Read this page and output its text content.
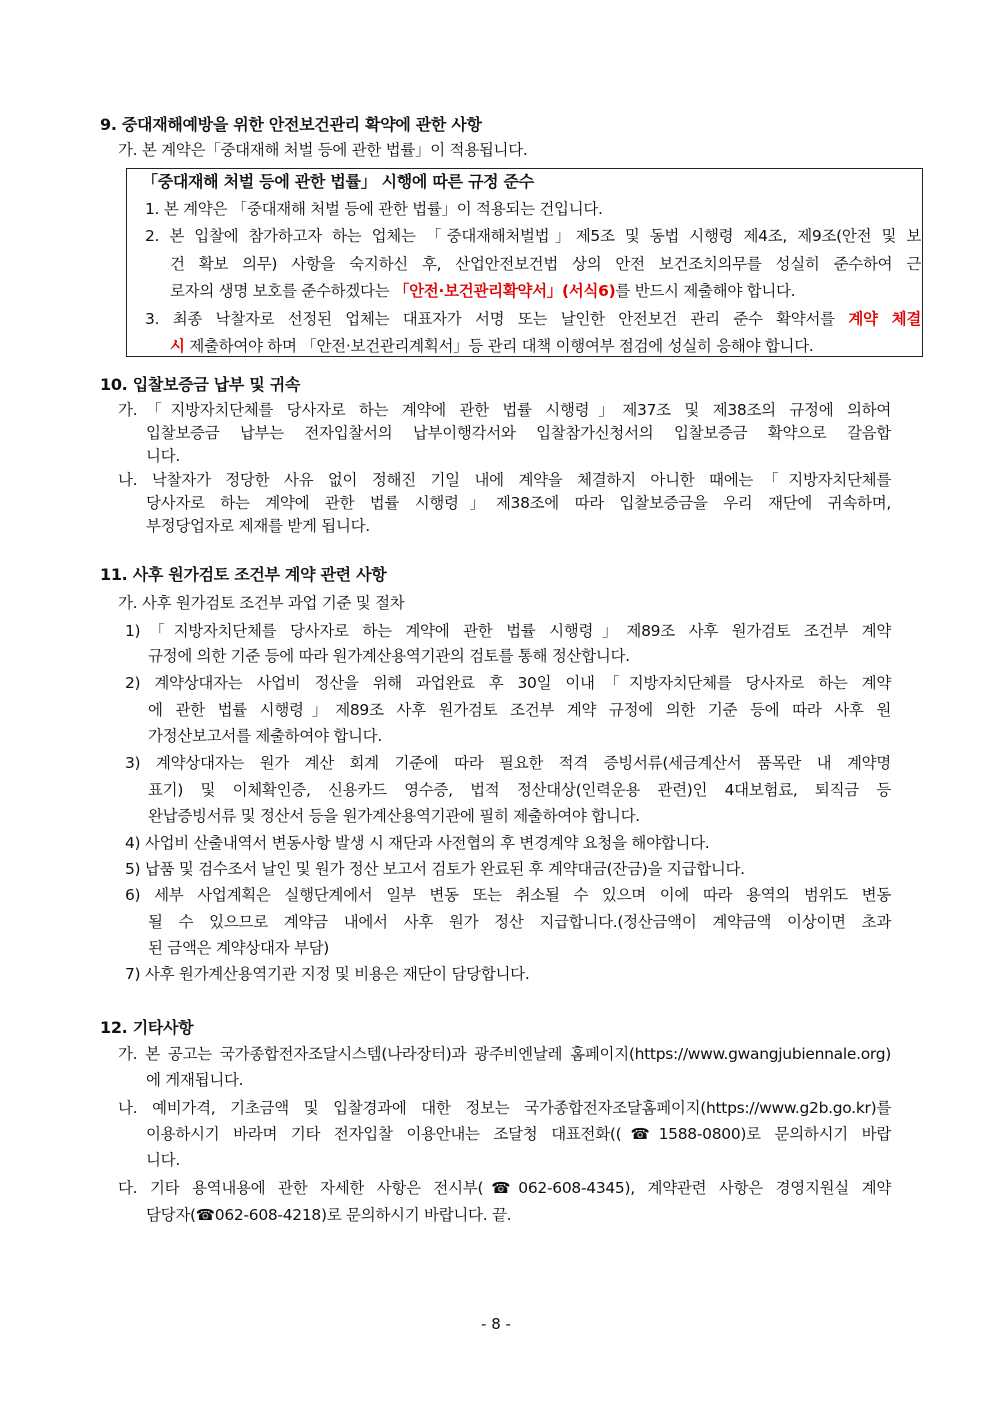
9. 중대재해예방을 위한 안전보건관리 확약에 관한 사항
가. 본 계약은「중대재해 처벌 등에 관한 법률」이 적용됩니다.
「중대재해 처벌 등에 관한 법률」 시행에 따른 규정 준수
1. 본 계약은 「중대재해 처벌 등에 관한 법률」이 적용되는 건입니다.
2. 본 입찰에 참가하고자 하는 업체는 「중대재해처벌법」제5조 및 동법 시행령 제4조, 제9조(안전 및 보
건 확보 의무) 사항을 숙지하신 후, 산업안전보건법 상의 안전 보건조치의무를 성실히 준수하여 근
로자의 생명 보호를 준수하겠다는 「안전·보건관리확약서」(서식6)를 반드시 제출해야 합니다.
3. 최종 낙찰자로 선정된 업체는 대표자가 서명 또는 날인한 안전보건 관리 준수 확약서를 계약 체결
시 제출하여야 하며 「안전·보건관리계획서」등 관리 대책 이행여부 점검에 성실히 응해야 합니다.
10. 입찰보증금 납부 및 귀속
가.「지방자치단체를 당사자로 하는 계약에 관한 법률 시행령」제37조 및 제38조의 규정에 의하여
입찰보증금 납부는 전자입찰서의 납부이행각서와 입찰참가신청서의 입찰보증금 확약으로 갈음합
니다.
나. 낙찰자가 정당한 사유 없이 정해진 기일 내에 계약을 체결하지 아니한 때에는「지방자치단체를
당사자로 하는 계약에 관한 법률 시행령」제38조에 따라 입찰보증금을 우리 재단에 귀속하며,
부정당업자로 제재를 받게 됩니다.
11. 사후 원가검토 조건부 계약 관련 사항
가. 사후 원가검토 조건부 과업 기준 및 절차
1)「지방자치단체를 당사자로 하는 계약에 관한 법률 시행령」제89조 사후 원가검토 조건부 계약
규정에 의한 기준 등에 따라 원가계산용역기관의 검토를 통해 정산합니다.
2) 계약상대자는 사업비 정산을 위해 과업완료 후 30일 이내「지방자치단체를 당사자로 하는 계약
에 관한 법률 시행령」제89조 사후 원가검토 조건부 계약 규정에 의한 기준 등에 따라 사후 원
가정산보고서를 제출하여야 합니다.
3) 계약상대자는 원가 계산 회계 기준에 따라 필요한 적격 증빙서류(세금계산서 품목란 내 계약명
표기) 및 이체확인증, 신용카드 영수증, 법적 정산대상(인력운용 관련)인 4대보험료, 퇴직금 등
완납증빙서류 및 정산서 등을 원가계산용역기관에 필히 제출하여야 합니다.
4) 사업비 산출내역서 변동사항 발생 시 재단과 사전협의 후 변경계약 요청을 해야합니다.
5) 납품 및 검수조서 날인 및 원가 정산 보고서 검토가 완료된 후 계약대금(잔금)을 지급합니다.
6) 세부 사업계획은 실행단계에서 일부 변동 또는 취소될 수 있으며 이에 따라 용역의 범위도 변동
될 수 있으므로 계약금 내에서 사후 원가 정산 지급합니다.(정산금액이 계약금액 이상이면 초과
된 금액은 계약상대자 부담)
7) 사후 원가계산용역기관 지정 및 비용은 재단이 담당합니다.
12. 기타사항
가. 본 공고는 국가종합전자조달시스템(나라장터)과 광주비엔날레 홈페이지(https://www.gwangjubiennale.org)
에 게재됩니다.
나. 예비가격, 기초금액 및 입찰경과에 대한 정보는 국가종합전자조달홈페이지(https://www.g2b.go.kr)를
이용하시기 바라며 기타 전자입찰 이용안내는 조달청 대표전화((☎1588-0800)로 문의하시기 바랍
니다.
다. 기타 용역내용에 관한 자세한 사항은 전시부(☎062-608-4345), 계약관련 사항은 경영지원실 계약
담당자(☎062-608-4218)로 문의하시기 바랍니다. 끝.
- 8 -
